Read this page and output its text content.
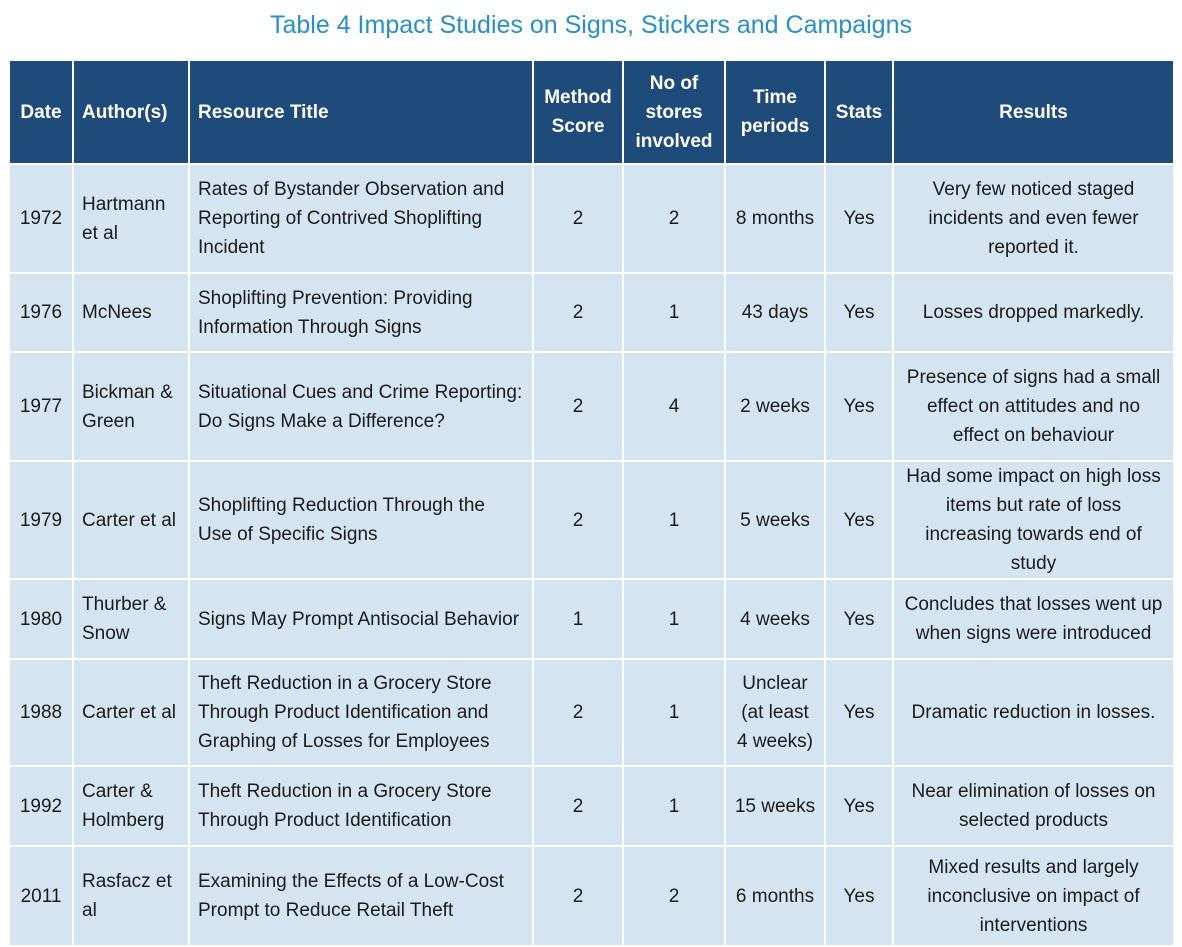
Table 4 Impact Studies on Signs, Stickers and Campaigns
Date	Author(s)	Resource Title	Method Score	No of stores involved	Time periods	Stats	Results
1972	Hartmann et al	Rates of Bystander Observation and Reporting of Contrived Shoplifting Incident	2	2	8 months	Yes	Very few noticed staged incidents and even fewer reported it.
1976	McNees	Shoplifting Prevention: Providing Information Through Signs	2	1	43 days	Yes	Losses dropped markedly.
1977	Bickman & Green	Situational Cues and Crime Reporting: Do Signs Make a Difference?	2	4	2 weeks	Yes	Presence of signs had a small effect on attitudes and no effect on behaviour
1979	Carter et al	Shoplifting Reduction Through the Use of Specific Signs	2	1	5 weeks	Yes	Had some impact on high loss items but rate of loss increasing towards end of study
1980	Thurber & Snow	Signs May Prompt Antisocial Behavior	1	1	4 weeks	Yes	Concludes that losses went up when signs were introduced
1988	Carter et al	Theft Reduction in a Grocery Store Through Product Identification and Graphing of Losses for Employees	2	1	Unclear (at least 4 weeks)	Yes	Dramatic reduction in losses.
1992	Carter & Holmberg	Theft Reduction in a Grocery Store Through Product Identification	2	1	15 weeks	Yes	Near elimination of losses on selected products
2011	Rasfacz et al	Examining the Effects of a Low-Cost Prompt to Reduce Retail Theft	2	2	6 months	Yes	Mixed results and largely inconclusive on impact of interventions
